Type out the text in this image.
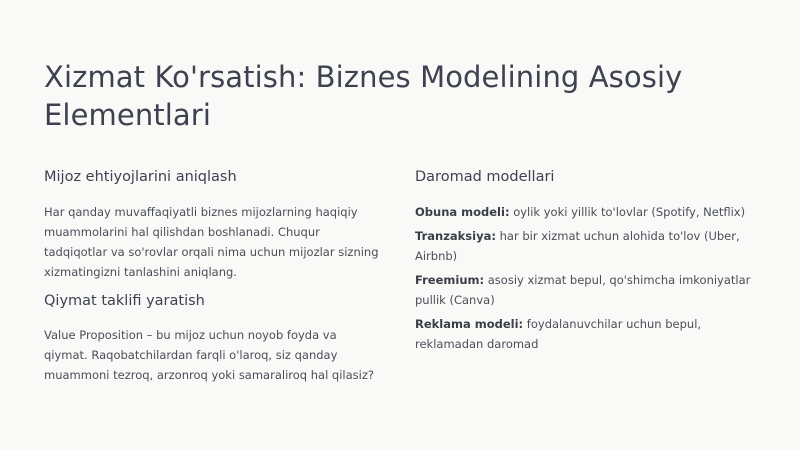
Xizmat Ko'rsatish: Biznes Modelining Asosiy Elementlari
Mijoz ehtiyojlarini aniqlash

Har qanday muvaffaqiyatli biznes mijozlarning haqiqiy muammolarini hal qilishdan boshlanadi. Chuqur tadqiqotlar va so'rovlar orqali nima uchun mijozlar sizning xizmatingizni tanlashini aniqlang.

Qiymat taklifi yaratish

Value Proposition – bu mijoz uchun noyob foyda va qiymat. Raqobatchilardan farqli o'laroq, siz qanday muammoni tezroq, arzonroq yoki samaraliroq hal qilasiz?

Daromad modellari
Obuna modeli: oylik yoki yillik to'lovlar (Spotify, Netflix)
Tranzaksiya: har bir xizmat uchun alohida to'lov (Uber, Airbnb)
Freemium: asosiy xizmat bepul, qo'shimcha imkoniyatlar pullik (Canva)
Reklama modeli: foydalanuvchilar uchun bepul, reklamadan daromad
